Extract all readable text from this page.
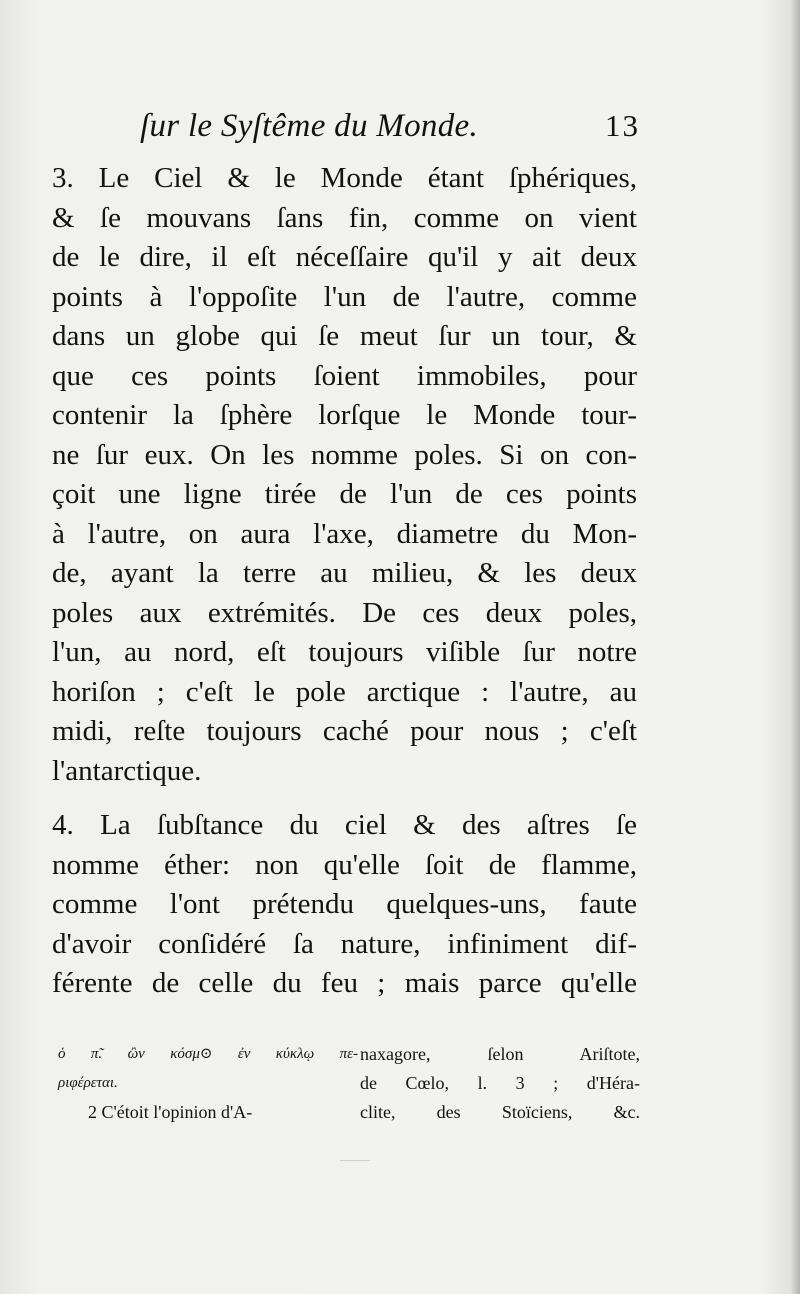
ſur le Syſtême du Monde.	13
3. Le Ciel & le Monde étant ſphériques,
& ſe mouvans ſans fin, comme on vient
de le dire, il eſt néceſſaire qu'il y ait deux
points à l'oppoſite l'un de l'autre, comme
dans un globe qui ſe meut ſur un tour, &
que ces points ſoient immobiles, pour
contenir la ſphère lorſque le Monde tour-
ne ſur eux. On les nomme poles. Si on con-
çoit une ligne tirée de l'un de ces points
à l'autre, on aura l'axe, diametre du Mon-
de, ayant la terre au milieu, & les deux
poles aux extrémités. De ces deux poles,
l'un, au nord, eſt toujours viſible ſur notre
horiſon ; c'eſt le pole arctique : l'autre, au
midi, reſte toujours caché pour nous ; c'eſt
l'antarctique.
4. La ſubſtance du ciel & des aſtres ſe
nomme éther: non qu'elle ſoit de flamme,
comme l'ont prétendu quelques-uns, faute
d'avoir conſidéré ſa nature, infiniment dif-
férente de celle du feu ; mais parce qu'elle
ὁ π̃. ὢν κόσμ⊙ ἐν κύκλῳ πε-
ριφέρεται.
2 C'étoit l'opinion d'A-
naxagore, ſelon Ariſtote,
de Cœlo, l. 3 ; d'Héra-
clite, des Stoïciens, &c.
